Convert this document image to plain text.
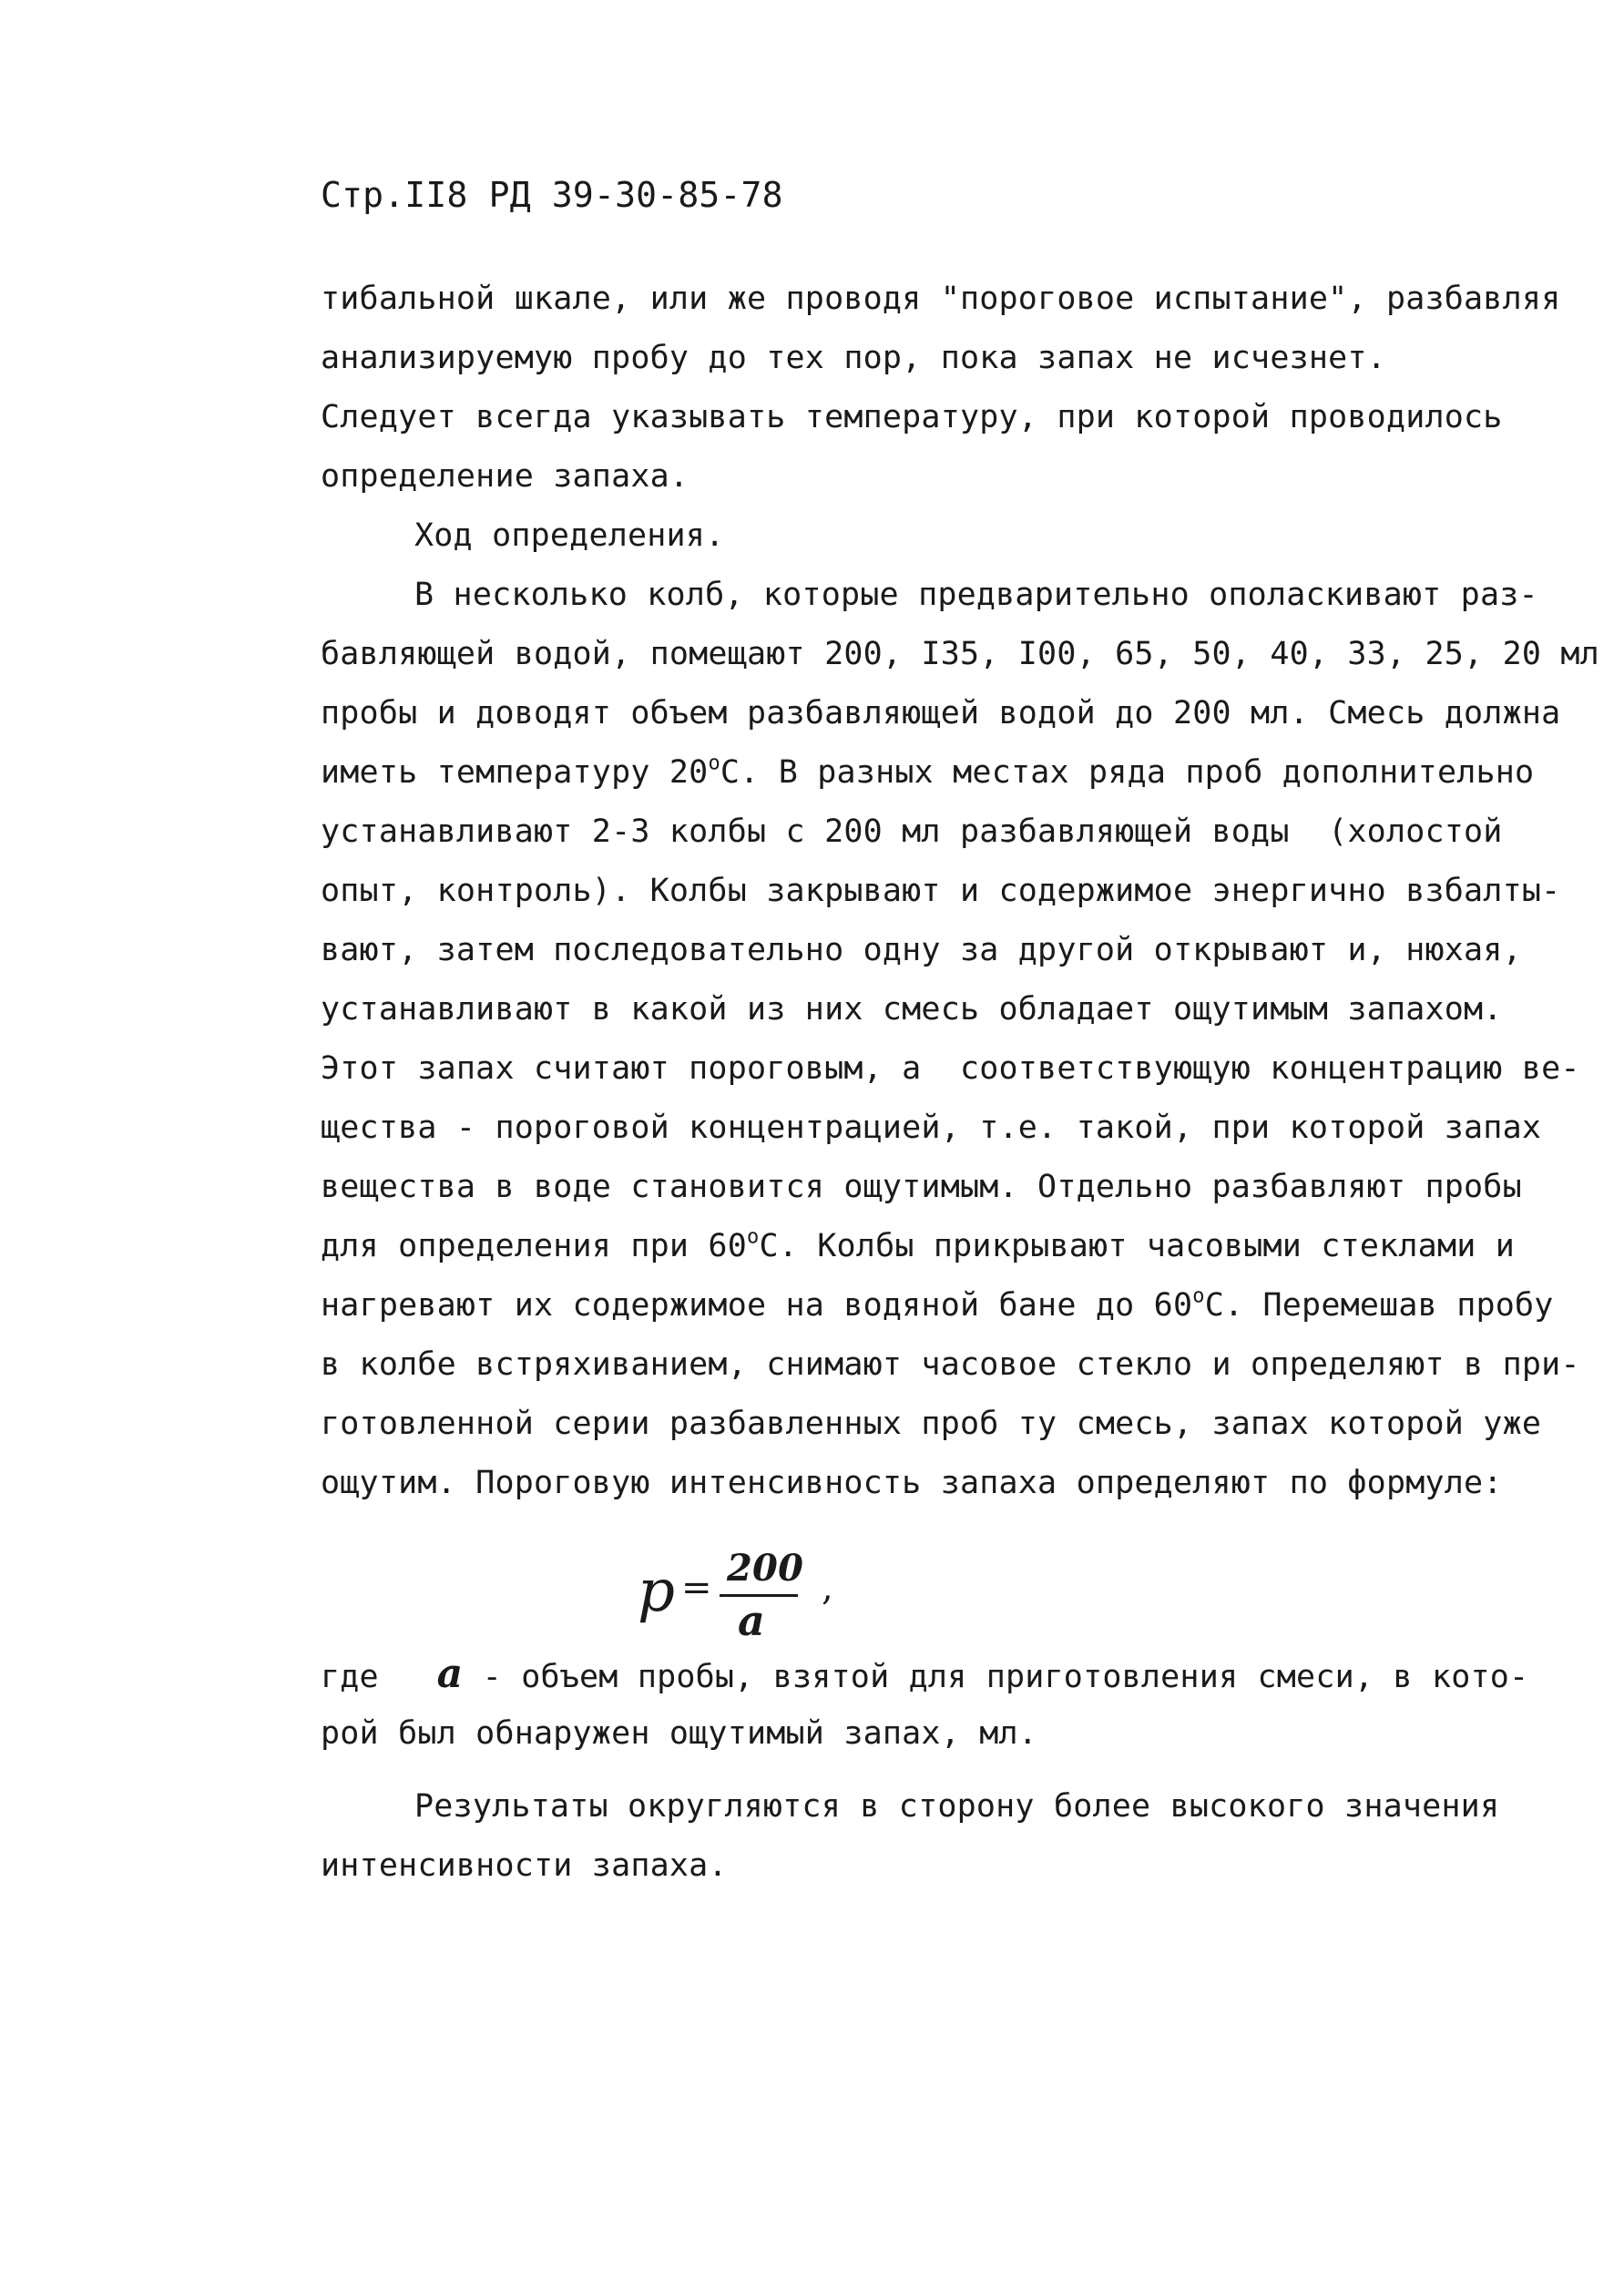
Стр.II8 РД 39-30-85-78
тибальной шкале, или же проводя "пороговое испытание", разбавляя
анализируемую пробу до тех пор, пока запах не исчезнет.
Следует всегда указывать температуру, при которой проводилось
определение запаха.
Ход определения.
В несколько колб, которые предварительно ополаскивают раз-
бавляющей водой, помещают 200, I35, I00, 65, 50, 40, 33, 25, 20 мл
пробы и доводят объем разбавляющей водой до 200 мл. Смесь должна
иметь температуру $20^оС$. В разных местах ряда проб дополнительно
устанавливают 2-3 колбы с 200 мл разбавляющей воды  (холостой
опыт, контроль). Колбы закрывают и содержимое энергично взбалты-
вают, затем последовательно одну за другой открывают и, нюхая,
устанавливают в какой из них смесь обладает ощутимым запахом.
Этот запах считают пороговым, а  соответствующую концентрацию ве-
щества - пороговой концентрацией, т.е. такой, при которой запах
вещества в воде становится ощутимым. Отдельно разбавляют пробы
для определения при $60^оС$. Колбы прикрывают часовыми стеклами и
нагревают их содержимое на водяной бане до $60^оС$. Перемешав пробу
в колбе встряхиванием, снимают часовое стекло и определяют в при-
готовленной серии разбавленных проб ту смесь, запах которой уже
ощутим. Пороговую интенсивность запаха определяют по формуле:
p = 200
a
,
где a - объем пробы, взятой для приготовления смеси, в кото-
рой был обнаружен ощутимый запах, мл.
Результаты округляются в сторону более высокого значения
интенсивности запаха.
